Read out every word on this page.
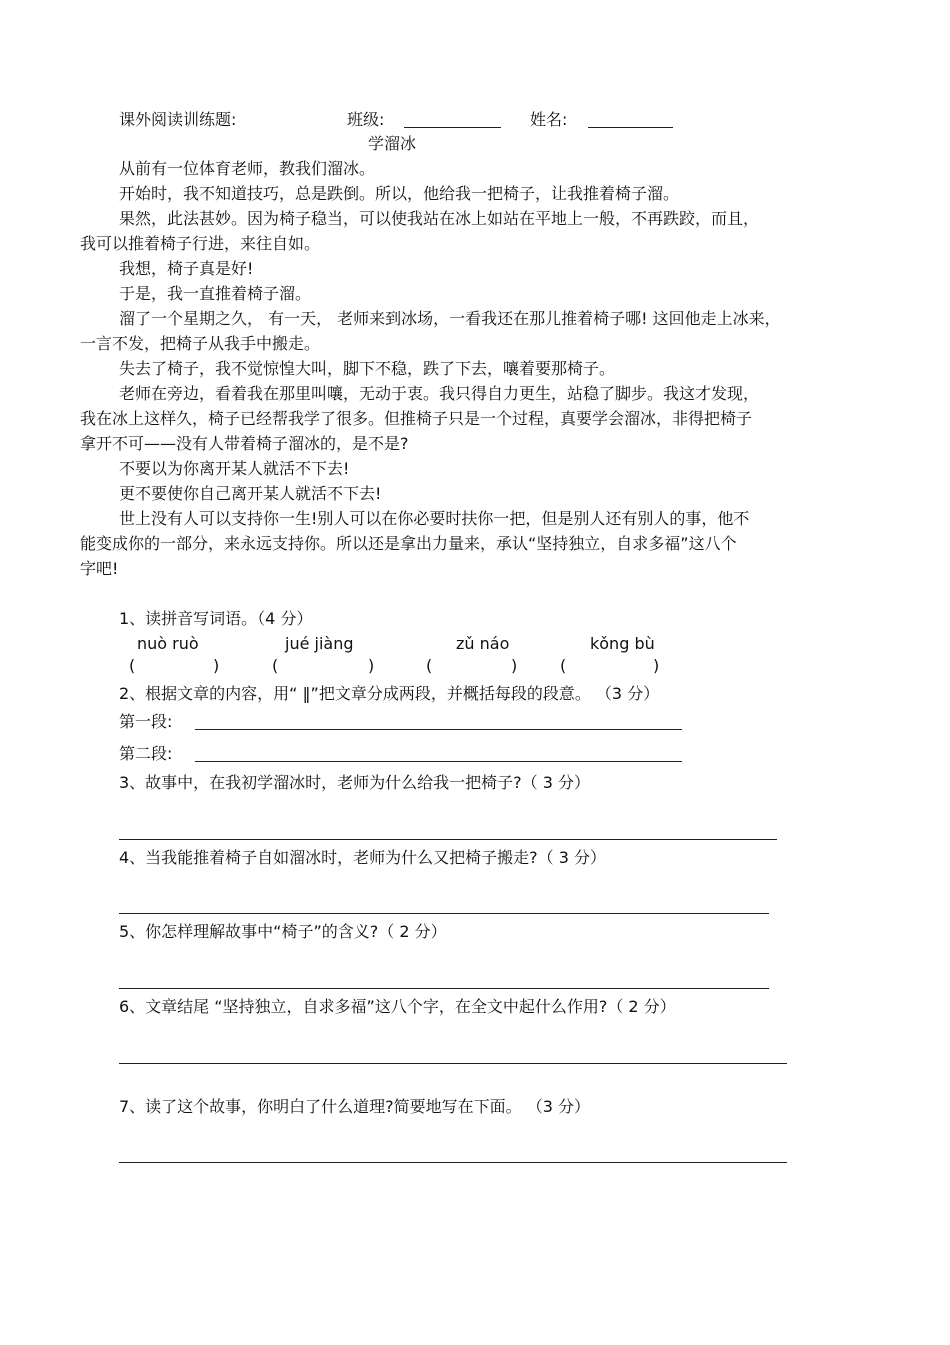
课外阅读训练题:	班级:	姓名:
学溜冰
从前有一位体育老师，教我们溜冰。
开始时，我不知道技巧，总是跌倒。所以，他给我一把椅子，让我推着椅子溜。
果然，此法甚妙。因为椅子稳当，可以使我站在冰上如站在平地上一般，不再跌跤，而且，
我可以推着椅子行进，来往自如。
我想，椅子真是好!
于是，我一直推着椅子溜。
溜了一个星期之久， 有一天， 老师来到冰场，一看我还在那儿推着椅子哪! 这回他走上冰来，
一言不发，把椅子从我手中搬走。
失去了椅子，我不觉惊惶大叫，脚下不稳，跌了下去，嚷着要那椅子。
老师在旁边，看着我在那里叫嚷，无动于衷。我只得自力更生，站稳了脚步。我这才发现，
我在冰上这样久，椅子已经帮我学了很多。但推椅子只是一个过程，真要学会溜冰，非得把椅子
拿开不可——没有人带着椅子溜冰的，是不是?
不要以为你离开某人就活不下去!
更不要使你自己离开某人就活不下去!
世上没有人可以支持你一生!别人可以在你必要时扶你一把，但是别人还有别人的事，他不
能变成你的一部分，来永远支持你。所以还是拿出力量来，承认“坚持独立，自求多福”这八个
字吧!
1、读拼音写词语。（4 分）
nuò ruò	jué jiàng	zǔ náo	kǒng bù
(	)	(	)	(	)	(	)
2、根据文章的内容，用“ ‖”把文章分成两段，并概括每段的段意。 （3 分）
第一段:
第二段:
3、故事中，在我初学溜冰时，老师为什么给我一把椅子?（ 3 分）
4、当我能推着椅子自如溜冰时，老师为什么又把椅子搬走?（ 3 分）
5、你怎样理解故事中“椅子”的含义?（ 2 分）
6、文章结尾 “坚持独立，自求多福”这八个字，在全文中起什么作用?（ 2 分）
7、读了这个故事，你明白了什么道理?简要地写在下面。 （3 分）
